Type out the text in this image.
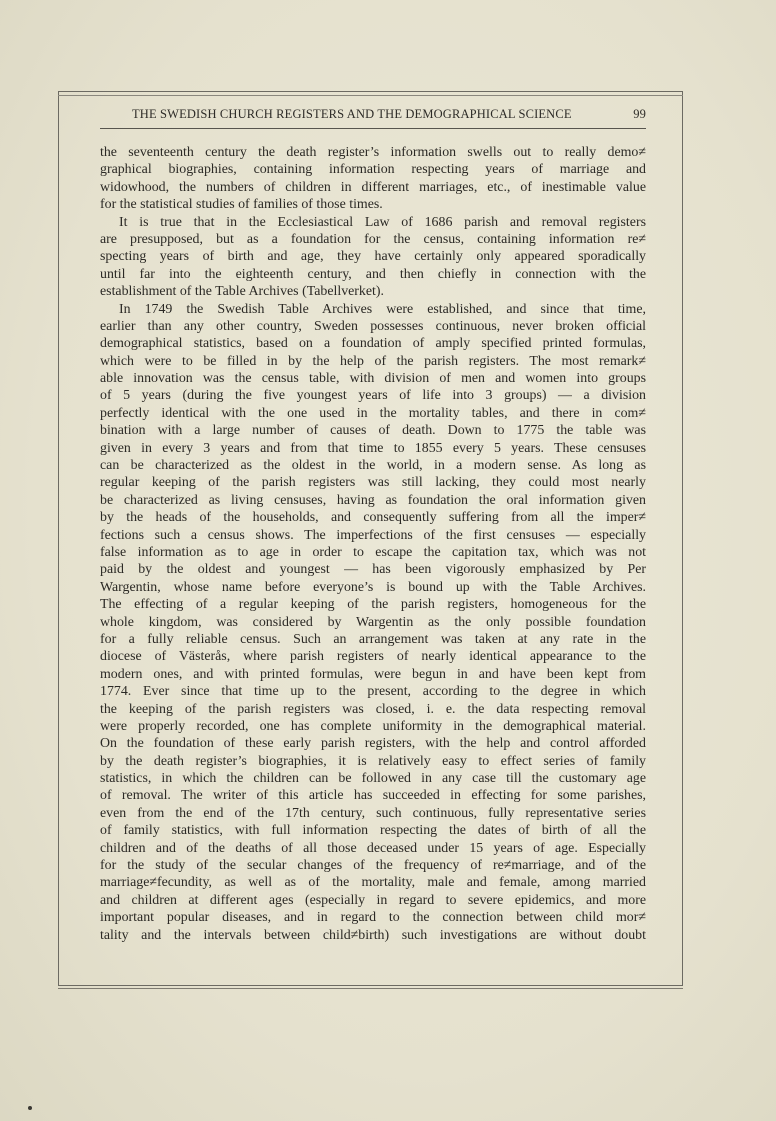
THE SWEDISH CHURCH REGISTERS AND THE DEMOGRAPHICAL SCIENCE	99
the seventeenth century the death register’s information swells out to really demo≠
graphical biographies, containing information respecting years of marriage and
widowhood, the numbers of children in different marriages, etc., of inestimable value
for the statistical studies of families of those times.
It is true that in the Ecclesiastical Law of 1686 parish and removal registers
are presupposed, but as a foundation for the census, containing information re≠
specting years of birth and age, they have certainly only appeared sporadically
until far into the eighteenth century, and then chiefly in connection with the
establishment of the Table Archives (Tabellverket).
In 1749 the Swedish Table Archives were established, and since that time,
earlier than any other country, Sweden possesses continuous, never broken official
demographical statistics, based on a foundation of amply specified printed formulas,
which were to be filled in by the help of the parish registers. The most remark≠
able innovation was the census table, with division of men and women into groups
of 5 years (during the five youngest years of life into 3 groups) — a division
perfectly identical with the one used in the mortality tables, and there in com≠
bination with a large number of causes of death. Down to 1775 the table was
given in every 3 years and from that time to 1855 every 5 years. These censuses
can be characterized as the oldest in the world, in a modern sense. As long as
regular keeping of the parish registers was still lacking, they could most nearly
be characterized as living censuses, having as foundation the oral information given
by the heads of the households, and consequently suffering from all the imper≠
fections such a census shows. The imperfections of the first censuses — especially
false information as to age in order to escape the capitation tax, which was not
paid by the oldest and youngest — has been vigorously emphasized by Per
Wargentin, whose name before everyone’s is bound up with the Table Archives.
The effecting of a regular keeping of the parish registers, homogeneous for the
whole kingdom, was considered by Wargentin as the only possible foundation
for a fully reliable census. Such an arrangement was taken at any rate in the
diocese of Västerås, where parish registers of nearly identical appearance to the
modern ones, and with printed formulas, were begun in and have been kept from
1774. Ever since that time up to the present, according to the degree in which
the keeping of the parish registers was closed, i. e. the data respecting removal
were properly recorded, one has complete uniformity in the demographical material.
On the foundation of these early parish registers, with the help and control afforded
by the death register’s biographies, it is relatively easy to effect series of family
statistics, in which the children can be followed in any case till the customary age
of removal. The writer of this article has succeeded in effecting for some parishes,
even from the end of the 17th century, such continuous, fully representative series
of family statistics, with full information respecting the dates of birth of all the
children and of the deaths of all those deceased under 15 years of age. Especially
for the study of the secular changes of the frequency of re≠marriage, and of the
marriage≠fecundity, as well as of the mortality, male and female, among married
and children at different ages (especially in regard to severe epidemics, and more
important popular diseases, and in regard to the connection between child mor≠
tality and the intervals between child≠birth) such investigations are without doubt
